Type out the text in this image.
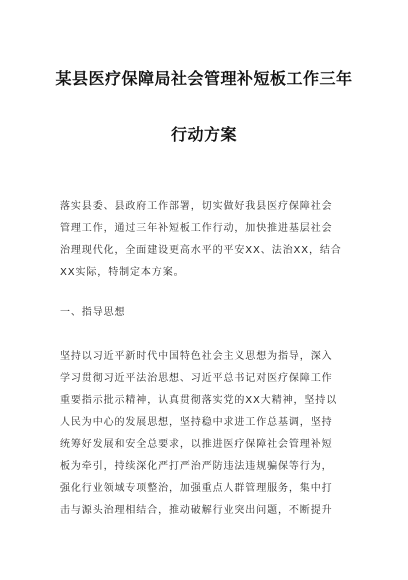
某县医疗保障局社会管理补短板工作三年
行动方案
落实县委、县政府工作部署，切实做好我县医疗保障社会
管理工作，通过三年补短板工作行动，加快推进基层社会
治理现代化，全面建设更高水平的平安XX、法治XX，结合
XX实际，特制定本方案。
一、指导思想
坚持以习近平新时代中国特色社会主义思想为指导，深入
学习贯彻习近平法治思想、习近平总书记对医疗保障工作
重要指示批示精神，认真贯彻落实党的XX大精神，坚持以
人民为中心的发展思想，坚持稳中求进工作总基调，坚持
统筹好发展和安全总要求，以推进医疗保障社会管理补短
板为牵引，持续深化严打严治严防违法违规骗保等行为，
强化行业领域专项整治，加强重点人群管理服务，集中打
击与源头治理相结合，推动破解行业突出问题，不断提升
